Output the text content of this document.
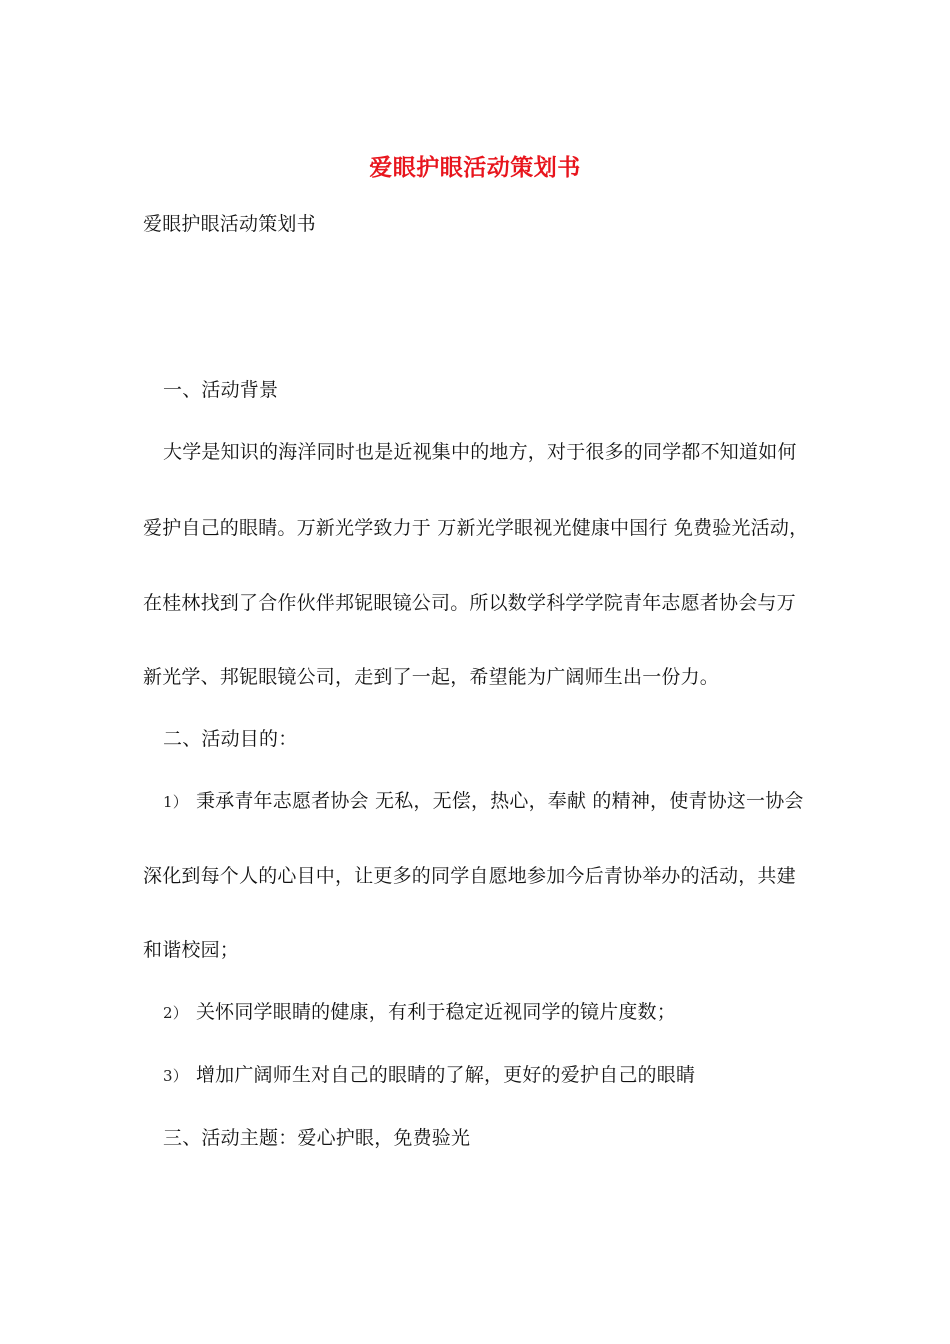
爱眼护眼活动策划书
爱眼护眼活动策划书
一、活动背景
大学是知识的海洋同时也是近视集中的地方，对于很多的同学都不知道如何
爱护自己的眼睛。万新光学致力于 万新光学眼视光健康中国行 免费验光活动，
在桂林找到了合作伙伴邦铌眼镜公司。所以数学科学学院青年志愿者协会与万
新光学、邦铌眼镜公司，走到了一起，希望能为广阔师生出一份力。
二、活动目的：
1） 秉承青年志愿者协会 无私，无偿，热心，奉献 的精神，使青协这一协会
深化到每个人的心目中，让更多的同学自愿地参加今后青协举办的活动，共建
和谐校园；
2） 关怀同学眼睛的健康，有利于稳定近视同学的镜片度数；
3） 增加广阔师生对自己的眼睛的了解，更好的爱护自己的眼睛
三、活动主题：爱心护眼，免费验光
